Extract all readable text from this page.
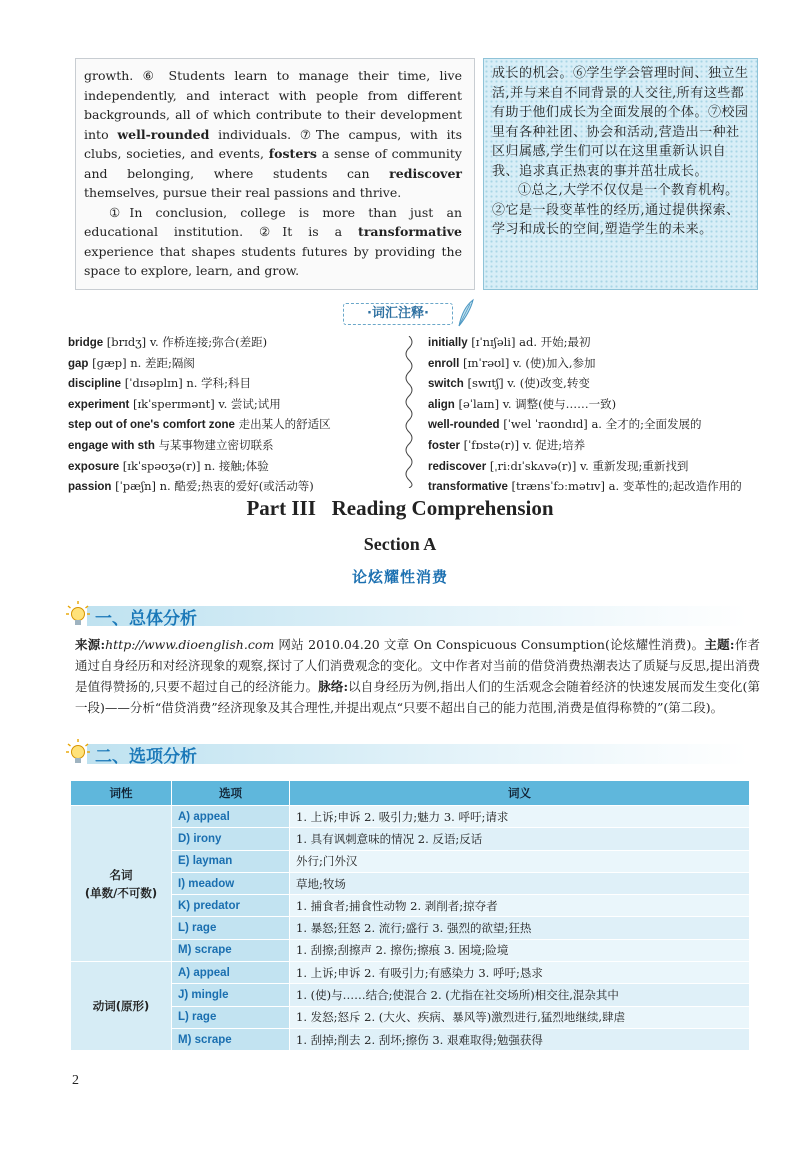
growth. ⑥ Students learn to manage their time, live independently, and interact with people from different backgrounds, all of which contribute to their development into well-rounded individuals. ⑦The campus, with its clubs, societies, and events, fosters a sense of community and belonging, where students can rediscover themselves, pursue their real passions and thrive.

①In conclusion, college is more than just an educational institution. ②It is a transformative experience that shapes students futures by providing the space to explore, learn, and grow.

成长的机会。⑥学生学会管理时间、独立生活,并与来自不同背景的人交往,所有这些都有助于他们成长为全面发展的个体。⑦校园里有各种社团、协会和活动,营造出一种社区归属感,学生们可以在这里重新认识自我、追求真正热衷的事并茁壮成长。

①总之,大学不仅仅是一个教育机构。②它是一段变革性的经历,通过提供探索、学习和成长的空间,塑造学生的未来。

·词汇注释·
bridge [brɪdʒ] v. 作桥连接;弥合(差距)
gap [ɡæp] n. 差距;隔阂
discipline [ˈdɪsəplɪn] n. 学科;科目
experiment [ɪkˈsperɪmənt] v. 尝试;试用
step out of one's comfort zone 走出某人的舒适区
engage with sth 与某事物建立密切联系
exposure [ɪkˈspəʊʒə(r)] n. 接触;体验
passion [ˈpæʃn] n. 酷爱;热衷的爱好(或活动等)
initially [ɪˈnɪʃəli] ad. 开始;最初
enroll [ɪnˈrəʊl] v. (使)加入,参加
switch [swɪtʃ] v. (使)改变,转变
align [əˈlaɪn] v. 调整(使与……一致)
well-rounded [ˈwel ˈraʊndɪd] a. 全才的;全面发展的
foster [ˈfɒstə(r)] v. 促进;培养
rediscover [ˌriːdɪˈskʌvə(r)] v. 重新发现;重新找到
transformative [trænsˈfɔːmətɪv] a. 变革性的;起改造作用的
Part III   Reading Comprehension
Section A
论炫耀性消费
一、总体分析
来源:http://www.dioenglish.com 网站 2010.04.20 文章 On Conspicuous Consumption(论炫耀性消费)。主题:作者通过自身经历和对经济现象的观察,探讨了人们消费观念的变化。文中作者对当前的借贷消费热潮表达了质疑与反思,提出消费是值得赞扬的,只要不超过自己的经济能力。脉络:以自身经历为例,指出人们的生活观念会随着经济的快速发展而发生变化(第一段)——分析“借贷消费”经济现象及其合理性,并提出观点“只要不超出自己的能力范围,消费是值得称赞的”(第二段)。
二、选项分析
词性	选项	词义
名词
(单数/不可数)	A) appeal	1. 上诉;申诉 2. 吸引力;魅力 3. 呼吁;请求
	D) irony	1. 具有讽刺意味的情况 2. 反语;反话
	E) layman	外行;门外汉
	I) meadow	草地;牧场
	K) predator	1. 捕食者;捕食性动物 2. 剥削者;掠夺者
	L) rage	1. 暴怒;狂怒 2. 流行;盛行 3. 强烈的欲望;狂热
	M) scrape	1. 刮擦;刮擦声 2. 擦伤;擦痕 3. 困境;险境
动词(原形)	A) appeal	1. 上诉;申诉 2. 有吸引力;有感染力 3. 呼吁;恳求
	J) mingle	1. (使)与……结合;使混合 2. (尤指在社交场所)相交往,混杂其中
	L) rage	1. 发怒;怒斥 2. (大火、疾病、暴风等)激烈进行,猛烈地继续,肆虐
	M) scrape	1. 刮掉;削去 2. 刮坏;擦伤 3. 艰难取得;勉强获得
2
